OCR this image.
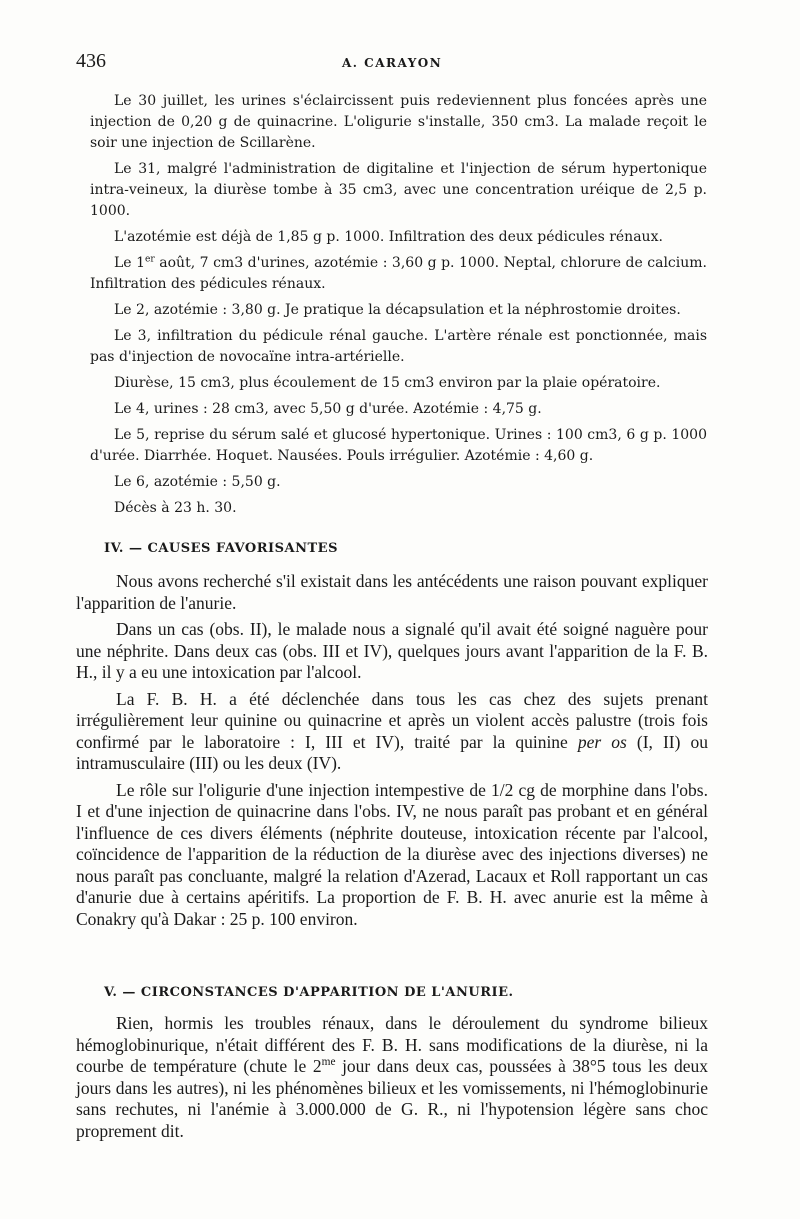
436	A. CARAYON

Le 30 juillet, les urines s'éclaircissent puis redeviennent plus foncées après une injection de 0,20 g de quinacrine. L'oligurie s'installe, 350 cm3. La malade reçoit le soir une injection de Scillarène.

Le 31, malgré l'administration de digitaline et l'injection de sérum hypertonique intra-veineux, la diurèse tombe à 35 cm3, avec une concentration uréique de 2,5 p. 1000.

L'azotémie est déjà de 1,85 g p. 1000. Infiltration des deux pédicules rénaux.

Le 1er août, 7 cm3 d'urines, azotémie : 3,60 g p. 1000. Neptal, chlorure de calcium. Infiltration des pédicules rénaux.

Le 2, azotémie : 3,80 g. Je pratique la décapsulation et la néphrostomie droites.

Le 3, infiltration du pédicule rénal gauche. L'artère rénale est ponctionnée, mais pas d'injection de novocaïne intra-artérielle.

Diurèse, 15 cm3, plus écoulement de 15 cm3 environ par la plaie opératoire.

Le 4, urines : 28 cm3, avec 5,50 g d'urée. Azotémie : 4,75 g.

Le 5, reprise du sérum salé et glucosé hypertonique. Urines : 100 cm3, 6 g p. 1000 d'urée. Diarrhée. Hoquet. Nausées. Pouls irrégulier. Azotémie : 4,60 g.

Le 6, azotémie : 5,50 g.

Décès à 23 h. 30.

IV. — CAUSES FAVORISANTES

Nous avons recherché s'il existait dans les antécédents une raison pouvant expliquer l'apparition de l'anurie.

Dans un cas (obs. II), le malade nous a signalé qu'il avait été soigné naguère pour une néphrite. Dans deux cas (obs. III et IV), quelques jours avant l'apparition de la F. B. H., il y a eu une intoxication par l'alcool.

La F. B. H. a été déclenchée dans tous les cas chez des sujets prenant irrégulièrement leur quinine ou quinacrine et après un violent accès palustre (trois fois confirmé par le laboratoire : I, III et IV), traité par la quinine per os (I, II) ou intramusculaire (III) ou les deux (IV).

Le rôle sur l'oligurie d'une injection intempestive de 1/2 cg de morphine dans l'obs. I et d'une injection de quinacrine dans l'obs. IV, ne nous paraît pas probant et en général l'influence de ces divers éléments (néphrite douteuse, intoxication récente par l'alcool, coïncidence de l'apparition de la réduction de la diurèse avec des injections diverses) ne nous paraît pas concluante, malgré la relation d'Azerad, Lacaux et Roll rapportant un cas d'anurie due à certains apéritifs. La proportion de F. B. H. avec anurie est la même à Conakry qu'à Dakar : 25 p. 100 environ.

V. — CIRCONSTANCES D'APPARITION DE L'ANURIE.

Rien, hormis les troubles rénaux, dans le déroulement du syndrome bilieux hémoglobinurique, n'était différent des F. B. H. sans modifications de la diurèse, ni la courbe de température (chute le $2^{me}$ jour dans deux cas, poussées à 38°5 tous les deux jours dans les autres), ni les phénomènes bilieux et les vomissements, ni l'hémoglobinurie sans rechutes, ni l'anémie à 3.000.000 de G. R., ni l'hypotension légère sans choc proprement dit.
